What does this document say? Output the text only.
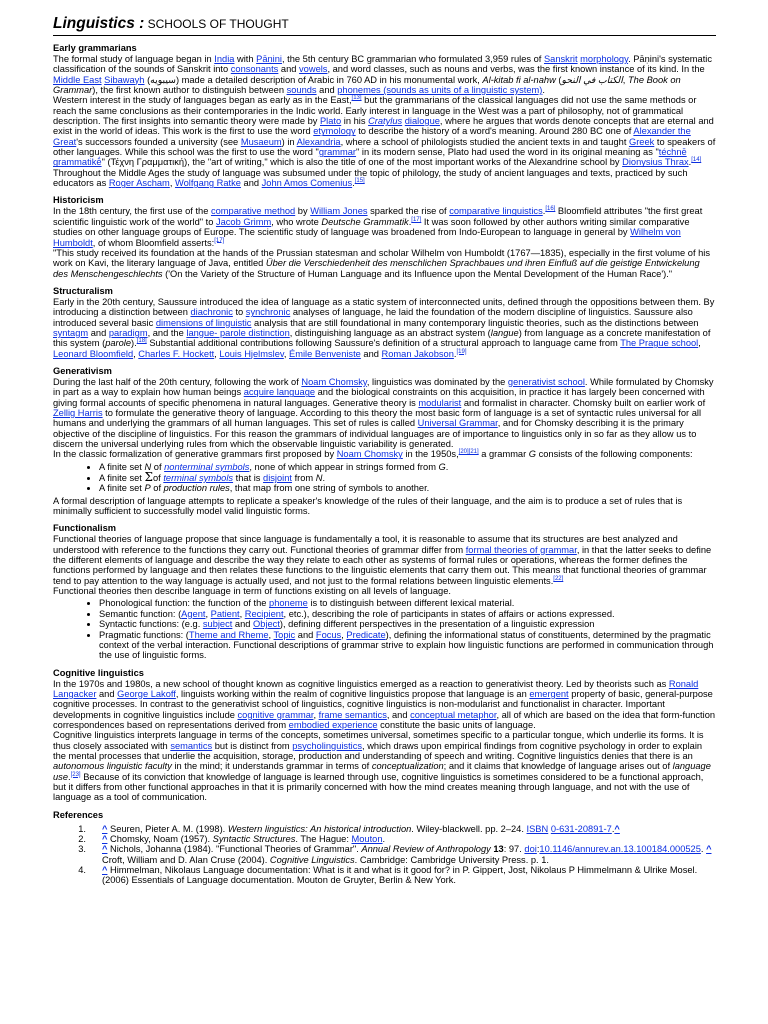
Linguistics : SCHOOLS OF THOUGHT
Early grammarians

The formal study of language began in India with Pāṇini, the 5th century BC grammarian who formulated 3,959 rules of Sanskrit morphology. Pāṇini's systematic classification of the sounds of Sanskrit into consonants and vowels, and word classes, such as nouns and verbs, was the first known instance of its kind. In the Middle East Sibawayh (سیبویه) made a detailed description of Arabic in 760 AD in his monumental work, Al-kitab fi al-nahw (الكتاب في النحو, The Book on Grammar), the first known author to distinguish between sounds and phonemes (sounds as units of a linguistic system).

Western interest in the study of languages began as early as in the East,[13] but the grammarians of the classical languages did not use the same methods or reach the same conclusions as their contemporaries in the Indic world. Early interest in language in the West was a part of philosophy, not of grammatical description. The first insights into semantic theory were made by Plato in his Cratylus dialogue, where he argues that words denote concepts that are eternal and exist in the world of ideas. This work is the first to use the word etymology to describe the history of a word's meaning. Around 280 BC one of Alexander the Great's successors founded a university (see Musaeum) in Alexandria, where a school of philologists studied the ancient texts in and taught Greek to speakers of other languages. While this school was the first to use the word "grammar" in its modern sense, Plato had used the word in its original meaning as "téchnē grammatikḗ" (Τέχνη Γραμματική), the "art of writing," which is also the title of one of the most important works of the Alexandrine school by Dionysius Thrax.[14] Throughout the Middle Ages the study of language was subsumed under the topic of philology, the study of ancient languages and texts, practiced by such educators as Roger Ascham, Wolfgang Ratke and John Amos Comenius.[15]

Historicism

In the 18th century, the first use of the comparative method by William Jones sparked the rise of comparative linguistics.[16] Bloomfield attributes "the first great scientific linguistic work of the world" to Jacob Grimm, who wrote Deutsche Grammatik.[17] It was soon followed by other authors writing similar comparative studies on other language groups of Europe. The scientific study of language was broadened from Indo-European to language in general by Wilhelm von Humboldt, of whom Bloomfield asserts:[17]

"This study received its foundation at the hands of the Prussian statesman and scholar Wilhelm von Humboldt (1767—1835), especially in the first volume of his work on Kavi, the literary language of Java, entitled Über die Verschiedenheit des menschlichen Sprachbaues und ihren Einfluß auf die geistige Entwickelung des Menschengeschlechts ('On the Variety of the Structure of Human Language and its Influence upon the Mental Development of the Human Race')."

Structuralism

Early in the 20th century, Saussure introduced the idea of language as a static system of interconnected units, defined through the oppositions between them. By introducing a distinction between diachronic to synchronic analyses of language, he laid the foundation of the modern discipline of linguistics. Saussure also introduced several basic dimensions of linguistic analysis that are still foundational in many contemporary linguistic theories, such as the distinctions between syntagm and paradigm, and the langue- parole distinction, distinguishing language as an abstract system (langue) from language as a concrete manifestation of this system (parole).[18] Substantial additional contributions following Saussure's definition of a structural approach to language came from The Prague school, Leonard Bloomfield, Charles F. Hockett, Louis Hjelmslev, Émile Benveniste and Roman Jakobson.[19]

Generativism

During the last half of the 20th century, following the work of Noam Chomsky, linguistics was dominated by the generativist school. While formulated by Chomsky in part as a way to explain how human beings acquire language and the biological constraints on this acquisition, in practice it has largely been concerned with giving formal accounts of specific phenomena in natural languages. Generative theory is modularist and formalist in character. Chomsky built on earlier work of Zellig Harris to formulate the generative theory of language. According to this theory the most basic form of language is a set of syntactic rules universal for all humans and underlying the grammars of all human languages. This set of rules is called Universal Grammar, and for Chomsky describing it is the primary objective of the discipline of linguistics. For this reason the grammars of individual languages are of importance to linguistics only in so far as they allow us to discern the universal underlying rules from which the observable linguistic variability is generated.

In the classic formalization of generative grammars first proposed by Noam Chomsky in the 1950s,[20][21] a grammar G consists of the following components:

• A finite set N of nonterminal symbols, none of which appear in strings formed from G.
• A finite set Σof terminal symbols that is disjoint from N.
• A finite set P of production rules, that map from one string of symbols to another.

A formal description of language attempts to replicate a speaker's knowledge of the rules of their language, and the aim is to produce a set of rules that is minimally sufficient to successfully model valid linguistic forms.

Functionalism

Functional theories of language propose that since language is fundamentally a tool, it is reasonable to assume that its structures are best analyzed and understood with reference to the functions they carry out. Functional theories of grammar differ from formal theories of grammar, in that the latter seeks to define the different elements of language and describe the way they relate to each other as systems of formal rules or operations, whereas the former defines the functions performed by language and then relates these functions to the linguistic elements that carry them out. This means that functional theories of grammar tend to pay attention to the way language is actually used, and not just to the formal relations between linguistic elements.[22]

Functional theories then describe language in term of functions existing on all levels of language.

• Phonological function: the function of the phoneme is to distinguish between different lexical material.
• Semantic function: (Agent, Patient, Recipient, etc.), describing the role of participants in states of affairs or actions expressed.
• Syntactic functions: (e.g. subject and Object), defining different perspectives in the presentation of a linguistic expression
• Pragmatic functions: (Theme and Rheme, Topic and Focus, Predicate), defining the informational status of constituents, determined by the pragmatic context of the verbal interaction. Functional descriptions of grammar strive to explain how linguistic functions are performed in communication through the use of linguistic forms.
Cognitive linguistics

In the 1970s and 1980s, a new school of thought known as cognitive linguistics emerged as a reaction to generativist theory. Led by theorists such as Ronald Langacker and George Lakoff, linguists working within the realm of cognitive linguistics propose that language is an emergent property of basic, general-purpose cognitive processes. In contrast to the generativist school of linguistics, cognitive linguistics is non-modularist and functionalist in character. Important developments in cognitive linguistics include cognitive grammar, frame semantics, and conceptual metaphor, all of which are based on the idea that form-function correspondences based on representations derived from embodied experience constitute the basic units of language.

Cognitive linguistics interprets language in terms of the concepts, sometimes universal, sometimes specific to a particular tongue, which underlie its forms. It is thus closely associated with semantics but is distinct from psycholinguistics, which draws upon empirical findings from cognitive psychology in order to explain the mental processes that underlie the acquisition, storage, production and understanding of speech and writing. Cognitive linguistics denies that there is an autonomous linguistic faculty in the mind; it understands grammar in terms of conceptualization; and it claims that knowledge of language arises out of language use.[23] Because of its conviction that knowledge of language is learned through use, cognitive linguistics is sometimes considered to be a functional approach, but it differs from other functional approaches in that it is primarily concerned with how the mind creates meaning through language, and not with the use of language as a tool of communication.

References
1.	^ Seuren, Pieter A. M. (1998). Western linguistics: An historical introduction. Wiley-blackwell. pp. 2–24. ISBN 0-631-20891-7.^
2.	^ Chomsky, Noam (1957). Syntactic Structures. The Hague: Mouton.
3.	^ Nichols, Johanna (1984). "Functional Theories of Grammar". Annual Review of Anthropology 13: 97. doi:10.1146/annurev.an.13.100184.000525. ^ Croft, William and D. Alan Cruse (2004). Cognitive Linguistics. Cambridge: Cambridge University Press. p. 1.
4.	^ Himmelman, Nikolaus Language documentation: What is it and what is it good for? in P. Gippert, Jost, Nikolaus P Himmelmann & Ulrike Mosel. (2006) Essentials of Language documentation. Mouton de Gruyter, Berlin & New York.
